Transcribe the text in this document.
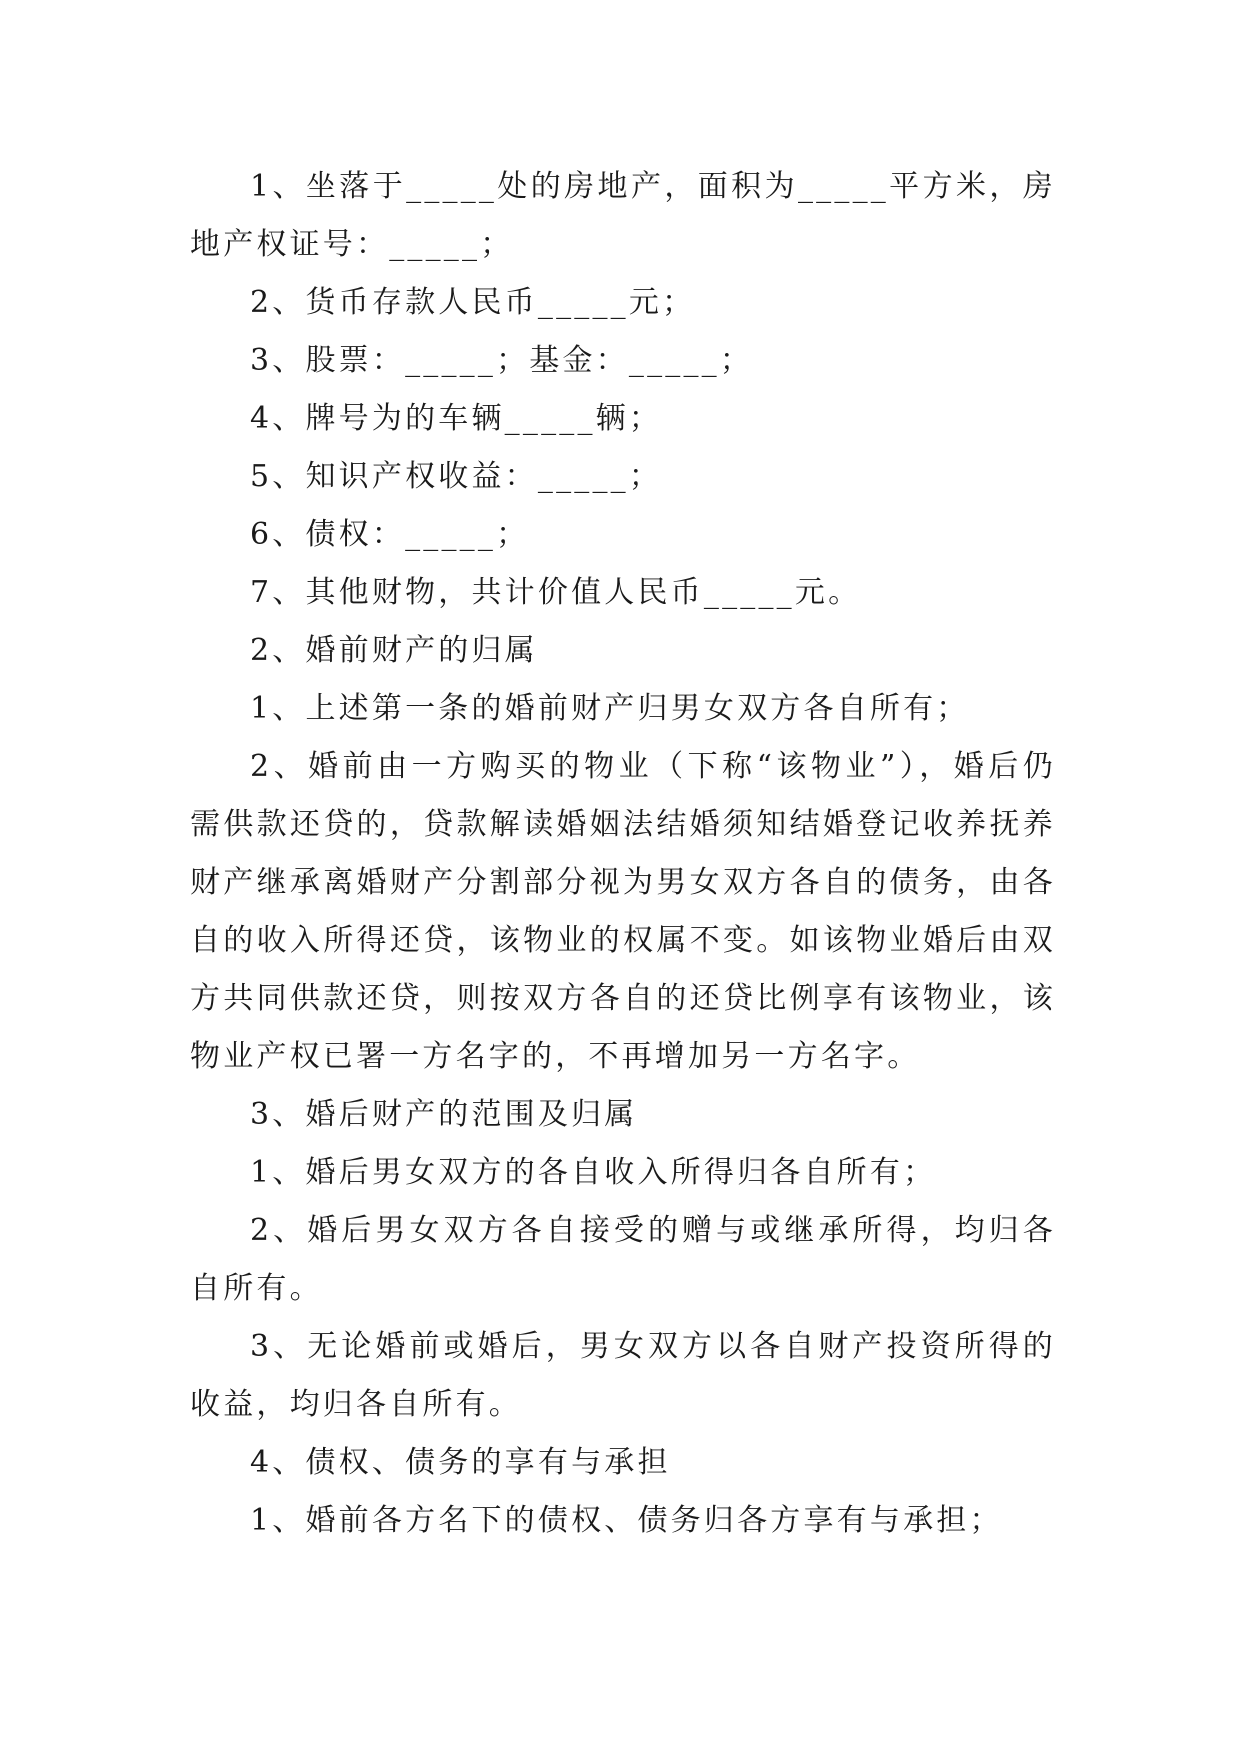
1、坐落于_____处的房地产，面积为_____平方米，房地产权证号：_____；

2、货币存款人民币_____元；

3、股票：_____；基金：_____；

4、牌号为的车辆_____辆；

5、知识产权收益：_____；

6、债权：_____；

7、其他财物，共计价值人民币_____元。

2、婚前财产的归属

1、上述第一条的婚前财产归男女双方各自所有；

2、婚前由一方购买的物业（下称“该物业”），婚后仍需供款还贷的，贷款解读婚姻法结婚须知结婚登记收养抚养财产继承离婚财产分割部分视为男女双方各自的债务，由各自的收入所得还贷，该物业的权属不变。如该物业婚后由双方共同供款还贷，则按双方各自的还贷比例享有该物业，该物业产权已署一方名字的，不再增加另一方名字。

3、婚后财产的范围及归属

1、婚后男女双方的各自收入所得归各自所有；

2、婚后男女双方各自接受的赠与或继承所得，均归各自所有。

3、无论婚前或婚后，男女双方以各自财产投资所得的收益，均归各自所有。

4、债权、债务的享有与承担

1、婚前各方名下的债权、债务归各方享有与承担；
